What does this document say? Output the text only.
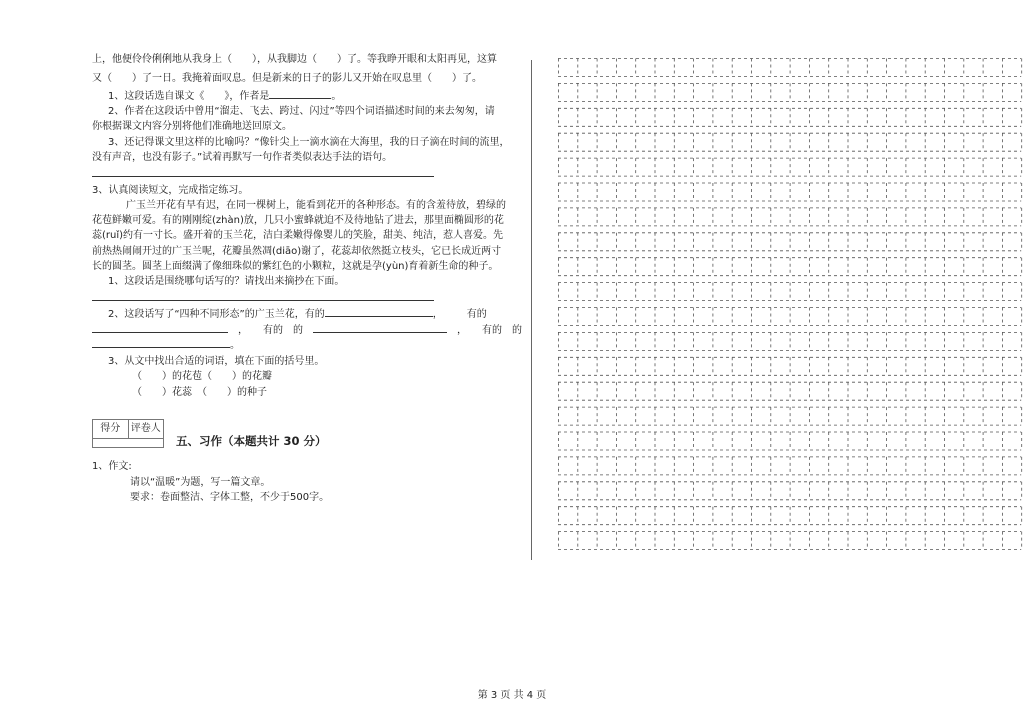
上，他便伶伶俐俐地从我身上（　　），从我脚边（　　）了。等我睁开眼和太阳再见，这算
又（　　）了一日。我掩着面叹息。但是新来的日子的影儿又开始在叹息里（　　）了。
1、这段话选自课文《　　》，作者是	。
2、作者在这段话中曾用“溜走、飞去、跨过、闪过”等四个词语描述时间的来去匆匆，请
你根据课文内容分别将他们准确地送回原文。
3、还记得课文里这样的比喻吗？“像针尖上一滴水滴在大海里，我的日子滴在时间的流里，
没有声音，也没有影子。”试着再默写一句作者类似表达手法的语句。
3、认真阅读短文，完成指定练习。
广玉兰开花有早有迟，在同一棵树上，能看到花开的各种形态。有的含羞待放，碧绿的
花苞鲜嫩可爱。有的刚刚绽(zhàn)放，几只小蜜蜂就迫不及待地钻了进去，那里面椭圆形的花
蕊(ruǐ)约有一寸长。盛开着的玉兰花，洁白柔嫩得像婴儿的笑脸，甜美、纯洁，惹人喜爱。先
前热热闹闹开过的广玉兰呢，花瓣虽然凋(diāo)谢了，花蕊却依然挺立枝头，它已长成近两寸
长的圆茎。圆茎上面缀满了像细珠似的紫红色的小颗粒，这就是孕(yùn)育着新生命的种子。
1、这段话是围绕哪句话写的？请找出来摘抄在下面。
2、这段话写了“四种不同形态”的广玉兰花，有的	， 有的
　，　有的　 的　	　，　有的　 的
。
3、从文中找出合适的词语，填在下面的括号里。
（　　）的花苞（　　）的花瓣
（　　）花蕊　（　　）的种子
得分	评卷人
五、习作（本题共计 30 分）
1、作文:
请以“温暖”为题，写一篇文章。
要求：卷面整洁、字体工整，不少于500字。
第 3 页 共 4 页
